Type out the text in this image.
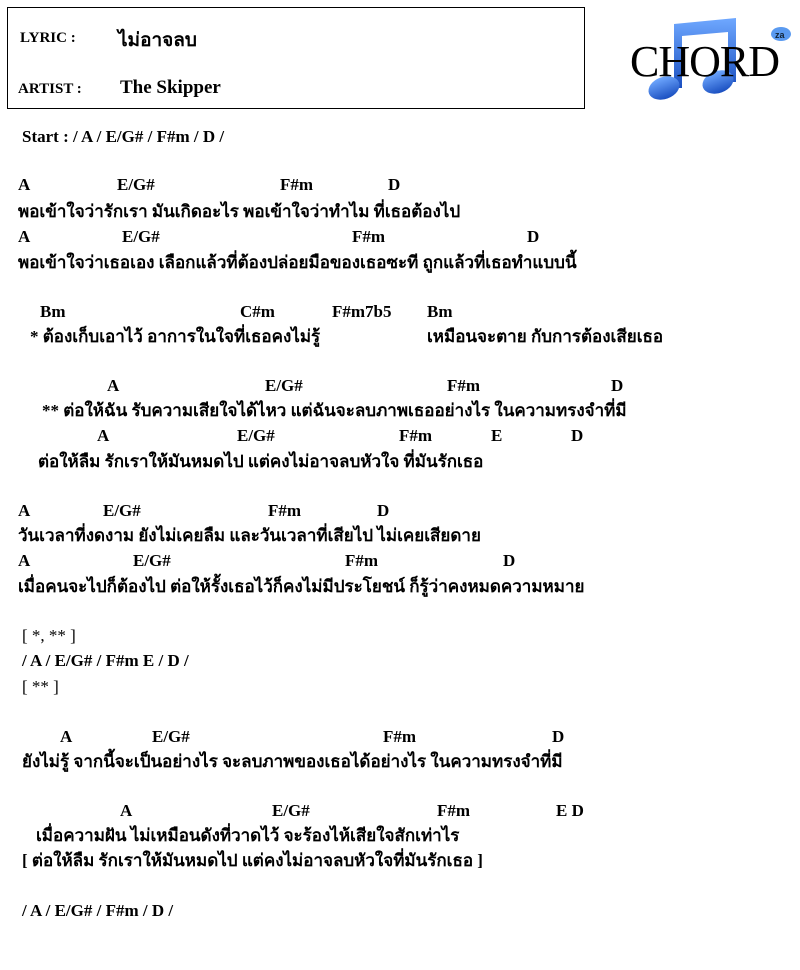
LYRIC : ไม่อาจลบ
ARTIST : The Skipper
za
CHORD
Start : / A / E/G# / F#m / D /
A	E/G#	F#m	D
พอเข้าใจว่ารักเรา มันเกิดอะไร พอเข้าใจว่าทำไม ที่เธอต้องไป
A	E/G#	F#m	D
พอเข้าใจว่าเธอเอง เลือกแล้วที่ต้องปล่อยมือของเธอซะที ถูกแล้วที่เธอทำแบบนี้
Bm	C#m	F#m7b5 Bm
* ต้องเก็บเอาไว้ อาการในใจที่เธอคงไม่รู้	เหมือนจะตาย กับการต้องเสียเธอ
A	E/G#	F#m	D
** ต่อให้ฉัน รับความเสียใจได้ไหว แต่ฉันจะลบภาพเธออย่างไร ในความทรงจำที่มี
A	E/G#	F#m	E	D
ต่อให้ลืม รักเราให้มันหมดไป แต่คงไม่อาจลบหัวใจ ที่มันรักเธอ
A	E/G#	F#m	D
วันเวลาที่งดงาม ยังไม่เคยลืม และวันเวลาที่เสียไป ไม่เคยเสียดาย
A	E/G#	F#m	D
เมื่อคนจะไปก็ต้องไป ต่อให้รั้งเธอไว้ก็คงไม่มีประโยชน์ ก็รู้ว่าคงหมดความหมาย
[ *, ** ]
/ A / E/G# / F#m E / D /
[ ** ]
A	E/G#	F#m	D
ยังไม่รู้ จากนี้จะเป็นอย่างไร จะลบภาพของเธอได้อย่างไร ในความทรงจำที่มี
A	E/G#	F#m	E D
เมื่อความฝัน ไม่เหมือนดังที่วาดไว้ จะร้องไห้เสียใจสักเท่าไร
[ ต่อให้ลืม รักเราให้มันหมดไป แต่คงไม่อาจลบหัวใจที่มันรักเธอ ]
/ A / E/G# / F#m / D /
